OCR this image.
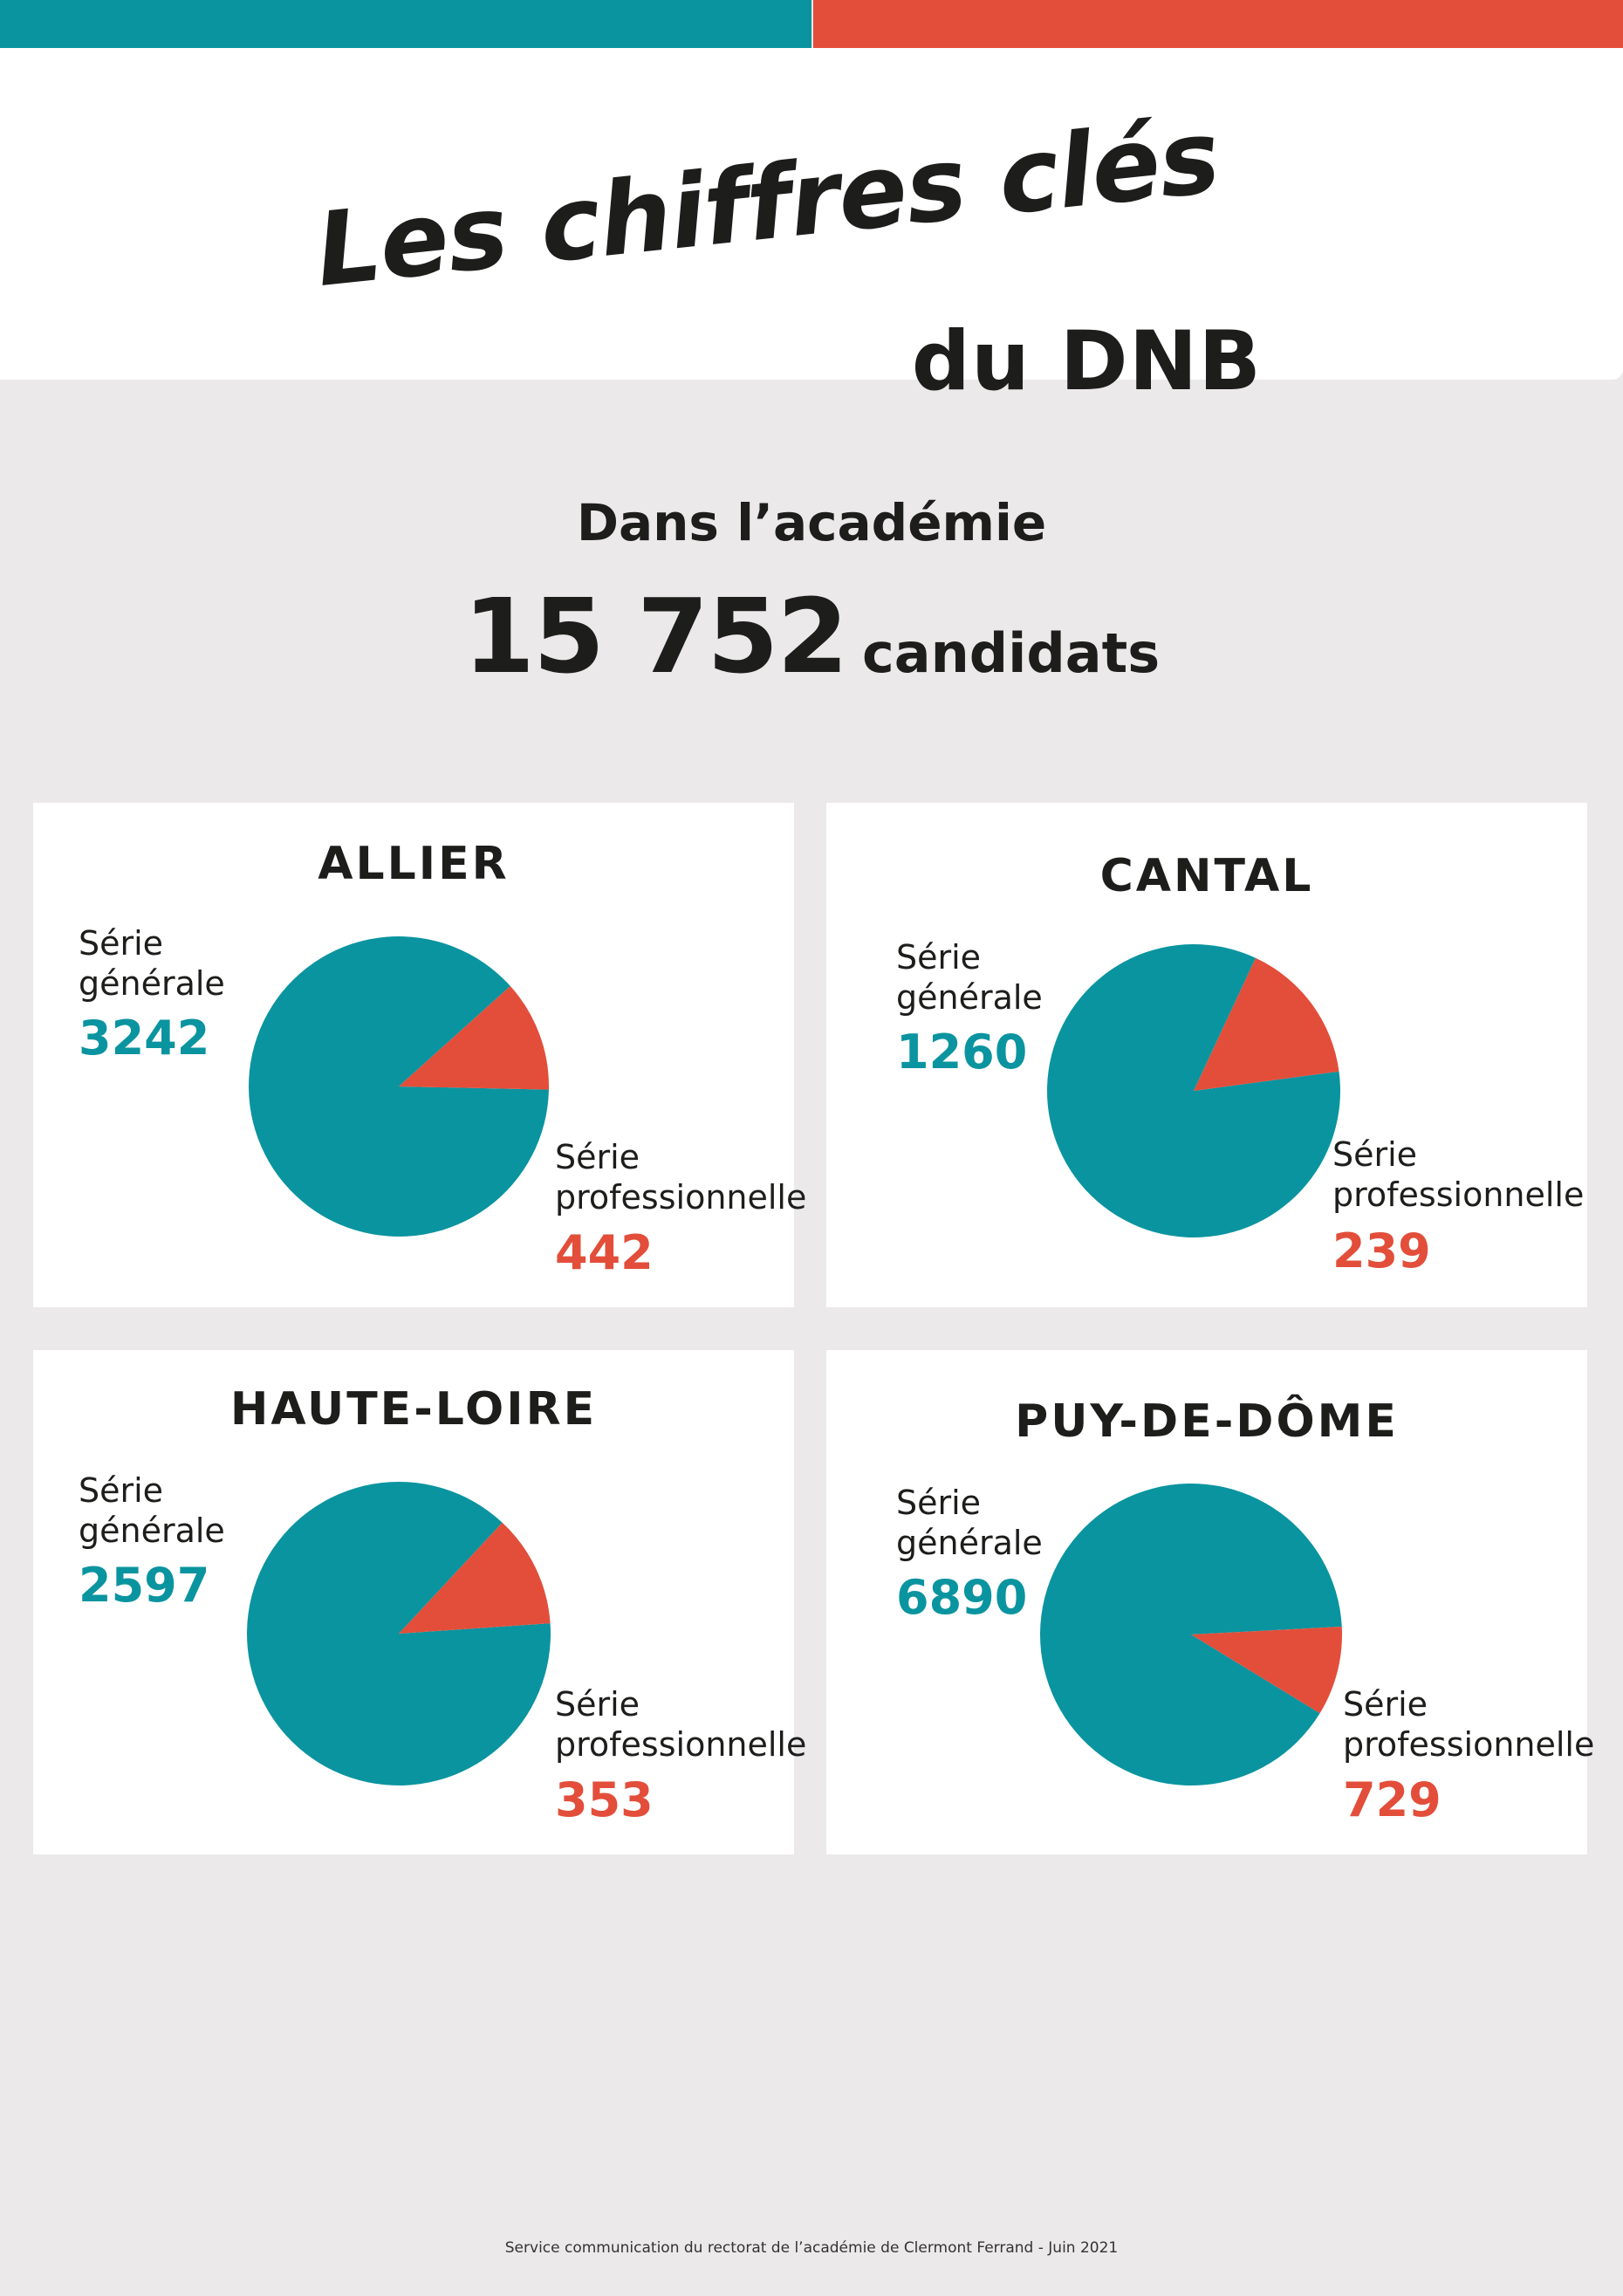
Les chiffres clés
du DNB
Dans l’académie
15 752 candidats
ALLIER
Série
générale
3242
Série
professionnelle
442
CANTAL
Série
générale
1260
Série
professionnelle
239
HAUTE-LOIRE
Série
générale
2597
Série
professionnelle
353
PUY-DE-DÔME
Série
générale
6890
Série
professionnelle
729
Service communication du rectorat de l’académie de Clermont Ferrand - Juin 2021
